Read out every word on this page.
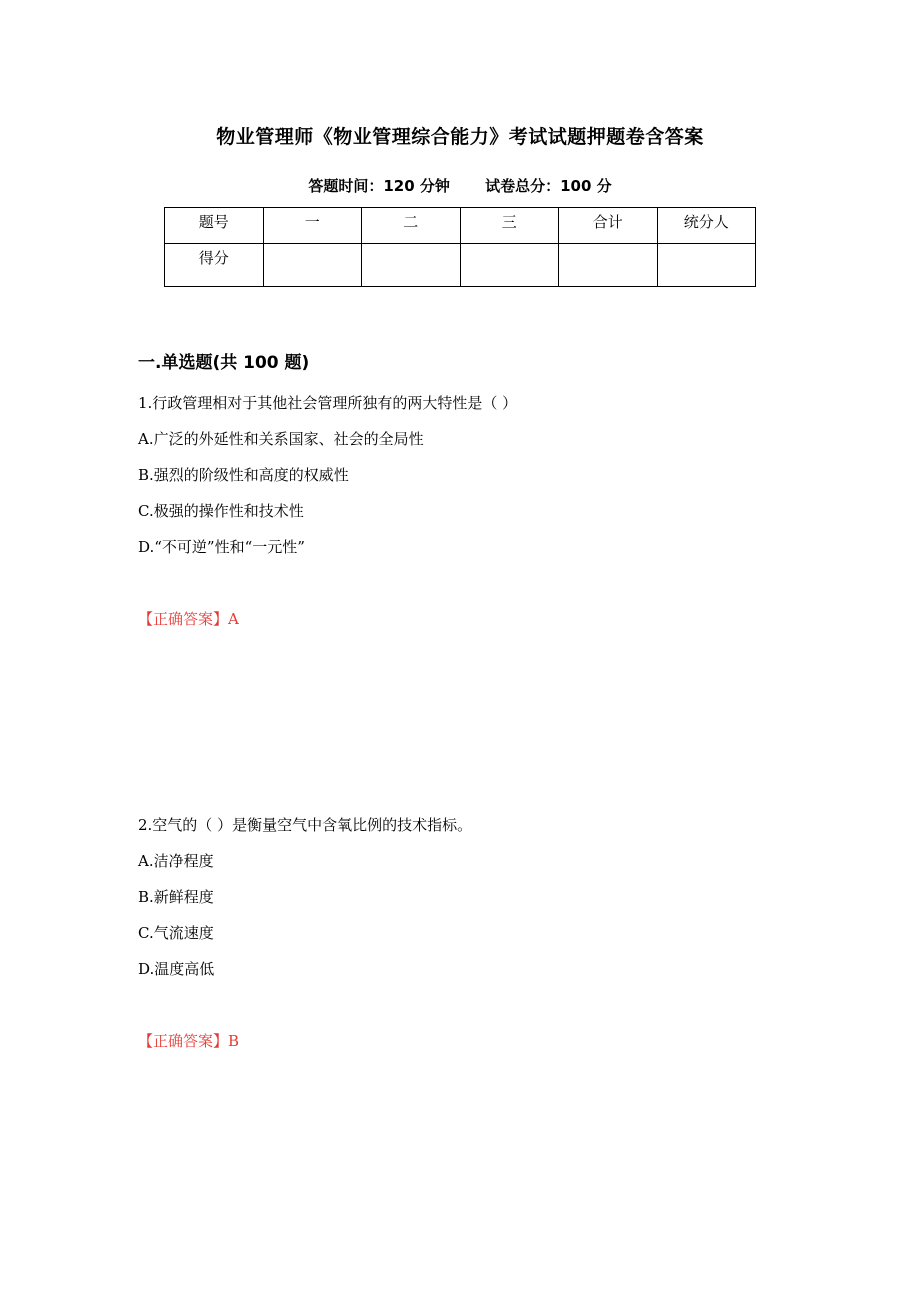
物业管理师《物业管理综合能力》考试试题押题卷含答案
答题时间：120 分钟 试卷总分：100 分
题号	一	二	三	合计	统分人
得分					
一.单选题(共 100 题)
1.行政管理相对于其他社会管理所独有的两大特性是（ ）
A.广泛的外延性和关系国家、社会的全局性
B.强烈的阶级性和高度的权威性
C.极强的操作性和技术性
D.“不可逆”性和“一元性”
【正确答案】A
2.空气的（ ）是衡量空气中含氧比例的技术指标。
A.洁净程度
B.新鲜程度
C.气流速度
D.温度高低
【正确答案】B
